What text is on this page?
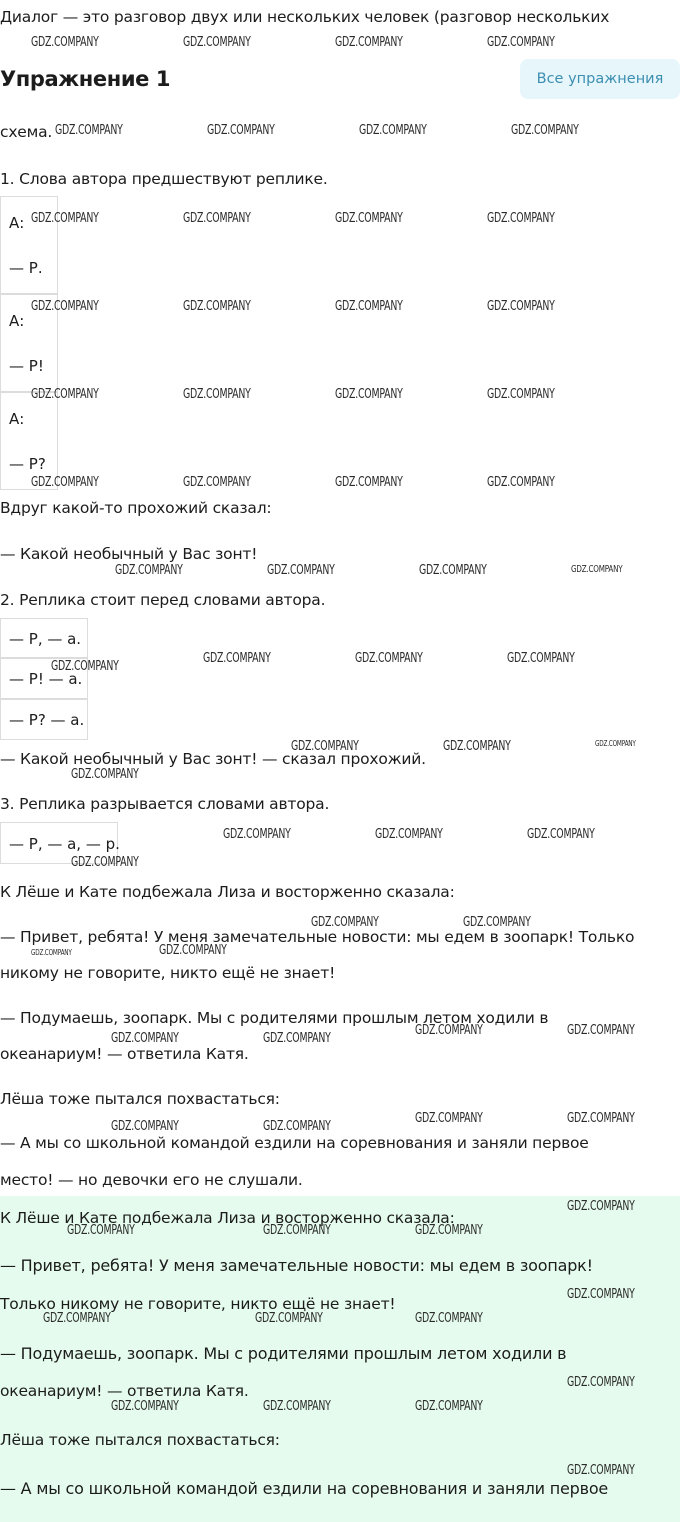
Диалог — это разговор двух или нескольких человек (разговор нескольких
Упражнение 1	Все упражнения
схема.
1. Слова автора предшествуют реплике.
А:
— Р.
А:
— Р!
А:
— Р?
Вдруг какой-то прохожий сказал:
— Какой необычный у Вас зонт!
2. Реплика стоит перед словами автора.
— Р, — а.
— Р! — а.
— Р? — а.
— Какой необычный у Вас зонт! — сказал прохожий.
3. Реплика разрывается словами автора.
— Р, — а, — р.
К Лёше и Кате подбежала Лиза и восторженно сказала:
— Привет, ребята! У меня замечательные новости: мы едем в зоопарк! Только
никому не говорите, никто ещё не знает!
— Подумаешь, зоопарк. Мы с родителями прошлым летом ходили в
океанариум! — ответила Катя.
Лёша тоже пытался похвастаться:
— А мы со школьной командой ездили на соревнования и заняли первое
место! — но девочки его не слушали.
К Лёше и Кате подбежала Лиза и восторженно сказала:
— Привет, ребята! У меня замечательные новости: мы едем в зоопарк!
Только никому не говорите, никто ещё не знает!
— Подумаешь, зоопарк. Мы с родителями прошлым летом ходили в
океанариум! — ответила Катя.
Лёша тоже пытался похвастаться:
— А мы со школьной командой ездили на соревнования и заняли первое
GDZ.COMPANY	GDZ.COMPANY	GDZ.COMPANY	GDZ.COMPANY
GDZ.COMPANY	GDZ.COMPANY	GDZ.COMPANY	GDZ.COMPANY
GDZ.COMPANY	GDZ.COMPANY	GDZ.COMPANY	GDZ.COMPANY
GDZ.COMPANY	GDZ.COMPANY	GDZ.COMPANY	GDZ.COMPANY
GDZ.COMPANY	GDZ.COMPANY	GDZ.COMPANY	GDZ.COMPANY
GDZ.COMPANY	GDZ.COMPANY	GDZ.COMPANY	GDZ.COMPANY
GDZ.COMPANY	GDZ.COMPANY	GDZ.COMPANY	GDZ.COMPANY
GDZ.COMPANY
GDZ.COMPANY	GDZ.COMPANY	GDZ.COMPANY
GDZ.COMPANY	GDZ.COMPANY	GDZ.COMPANY
GDZ.COMPANY
GDZ.COMPANY	GDZ.COMPANY	GDZ.COMPANY
GDZ.COMPANY
GDZ.COMPANY	GDZ.COMPANY
GDZ.COMPANY	GDZ.COMPANY
GDZ.COMPANY	GDZ.COMPANY
GDZ.COMPANY	GDZ.COMPANY
GDZ.COMPANY	GDZ.COMPANY
GDZ.COMPANY	GDZ.COMPANY
GDZ.COMPANY
GDZ.COMPANY	GDZ.COMPANY	GDZ.COMPANY
GDZ.COMPANY
GDZ.COMPANY	GDZ.COMPANY	GDZ.COMPANY
GDZ.COMPANY
GDZ.COMPANY	GDZ.COMPANY	GDZ.COMPANY
GDZ.COMPANY
